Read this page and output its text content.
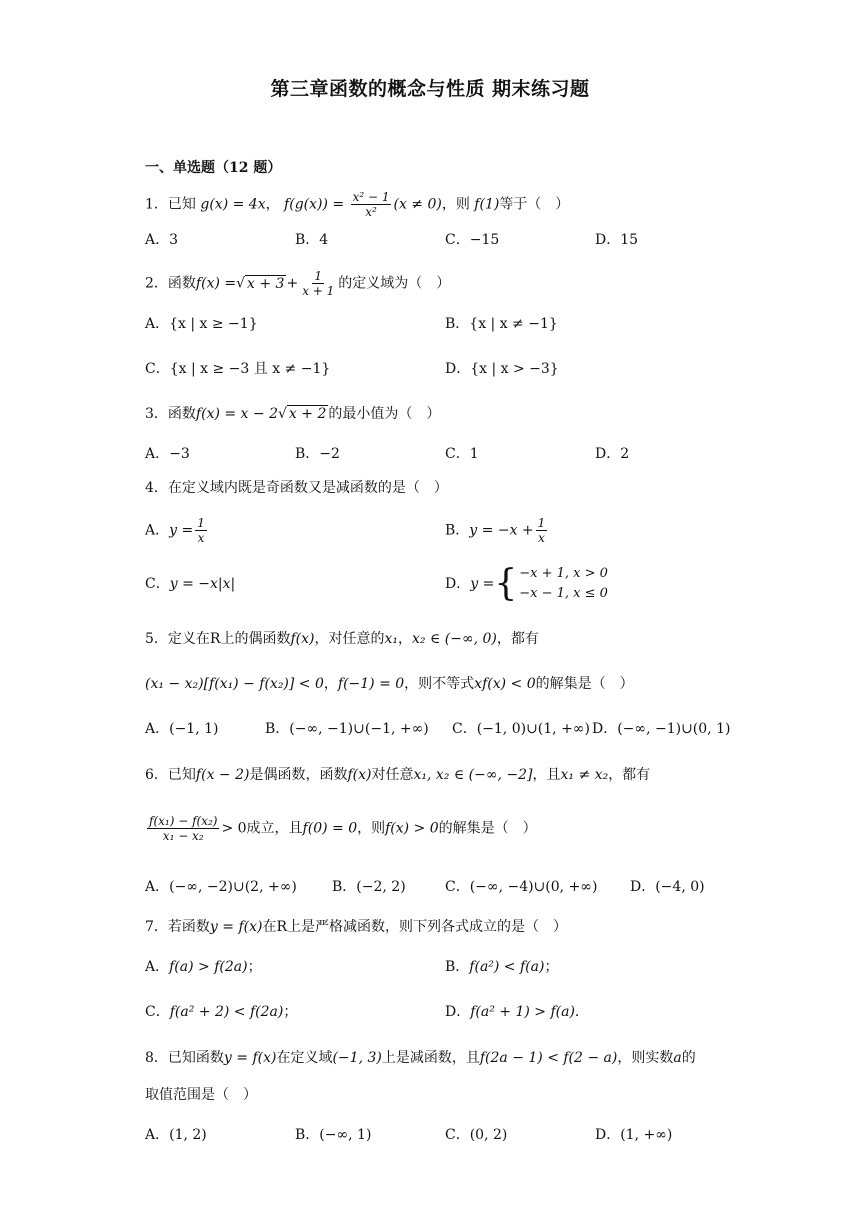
第三章函数的概念与性质 期末练习题
一、单选题（12 题）
1．已知 g(x) = 4x， $f(g(x)) = \frac{\text{x² − 1}}{\text{x²}} (x \ne 0)$，则 f(1)等于（　）
A．3	B．4	C．−15	D．15
2．函数f(x) =√ $x + 3 + \frac{1}{x + 1}$ 的定义域为（　）
A．{x | x ≥ −1}	B．{x | x ≠ −1}
C．{x | x ≥ −3 且 x ≠ −1}	D．{x | x > −3}
3．函数f(x) = x − 2√ x + 2 的最小值为（　）
A．−3	B．−2	C．1	D．2
4．在定义域内既是奇函数又是减函数的是（　）
A．$y = \frac{1}{x}$	B．$y = -x + \frac{1}{x}$
C．y = −x|x|	D． y = { −x + 1, x > 0
−x − 1, x ≤ 0
5．定义在R上的偶函数f(x)，对任意的x₁，x₂ ∈ (−∞, 0)，都有
(x₁ − x₂)[f(x₁) − f(x₂)] < 0，f(−1) = 0，则不等式xf(x) < 0的解集是（　）
A．(−1, 1)	B．(−∞, −1)∪(−1, +∞) C．(−1, 0)∪(1, +∞) D．(−∞, −1)∪(0, 1)
6．已知f(x − 2)是偶函数，函数f(x)对任意x₁, x₂ ∈ (−∞, −2]，且x₁ ≠ x₂，都有
$\frac{\text{f(x₁) − f(x₂)}}{\text{x₁ − x₂}} > 0$成立，且f(0) = 0，则f(x) > 0的解集是（　）
A．(−∞, −2)∪(2, +∞)	B．(−2, 2)	C．(−∞, −4)∪(0, +∞) D．(−4, 0)
7．若函数y = f(x)在R上是严格减函数，则下列各式成立的是（　）
A．f(a) > f(2a)；	B．f(a²) < f(a)；
C．f(a² + 2) < f(2a)；	D．f(a² + 1) > f(a)．
8．已知函数y = f(x)在定义域(−1, 3)上是减函数，且f(2a − 1) < f(2 − a)，则实数a的
取值范围是（　）
A．(1, 2)	B．(−∞, 1)	C．(0, 2)	D．(1, +∞)
